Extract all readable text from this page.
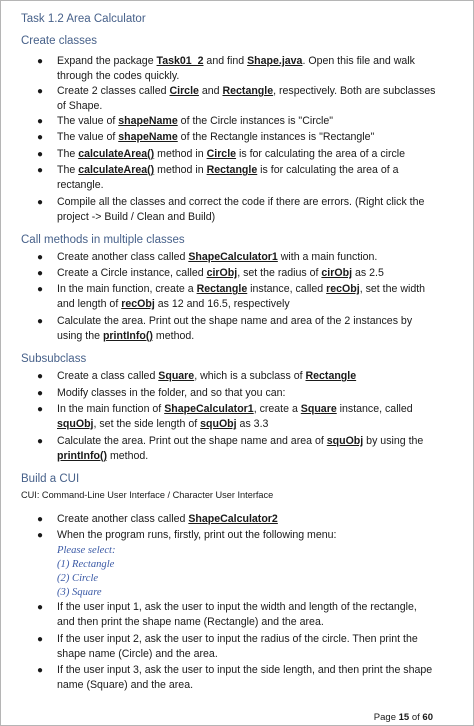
Task 1.2 Area Calculator
Create classes
●	Expand the package Task01_2 and find Shape.java. Open this file and walk through the codes quickly.
●	Create 2 classes called Circle and Rectangle, respectively. Both are subclasses of Shape.
●	The value of shapeName of the Circle instances is "Circle"
●	The value of shapeName of the Rectangle instances is "Rectangle"
●	The calculateArea() method in Circle is for calculating the area of a circle
●	The calculateArea() method in Rectangle is for calculating the area of a rectangle.
●	Compile all the classes and correct the code if there are errors. (Right click the project -> Build / Clean and Build)
Call methods in multiple classes
●	Create another class called ShapeCalculator1 with a main function.
●	Create a Circle instance, called cirObj, set the radius of cirObj as 2.5
●	In the main function, create a Rectangle instance, called recObj, set the width and length of recObj as 12 and 16.5, respectively
●	Calculate the area. Print out the shape name and area of the 2 instances by using the printInfo() method.
Subsubclass
●	Create a class called Square, which is a subclass of Rectangle
●	Modify classes in the folder, and so that you can:
●	In the main function of ShapeCalculator1, create a Square instance, called squObj, set the side length of squObj as 3.3
●	Calculate the area. Print out the shape name and area of squObj by using the printInfo() method.
Build a CUI
CUI: Command-Line User Interface / Character User Interface
●	Create another class called ShapeCalculator2
●	When the program runs, firstly, print out the following menu:
Please select:
(1) Rectangle
(2) Circle
(3) Square
●	If the user input 1, ask the user to input the width and length of the rectangle, and then print the shape name (Rectangle) and the area.
●	If the user input 2, ask the user to input the radius of the circle. Then print the shape name (Circle) and the area.
●	If the user input 3, ask the user to input the side length, and then print the shape name (Square) and the area.
Page 15 of 60
